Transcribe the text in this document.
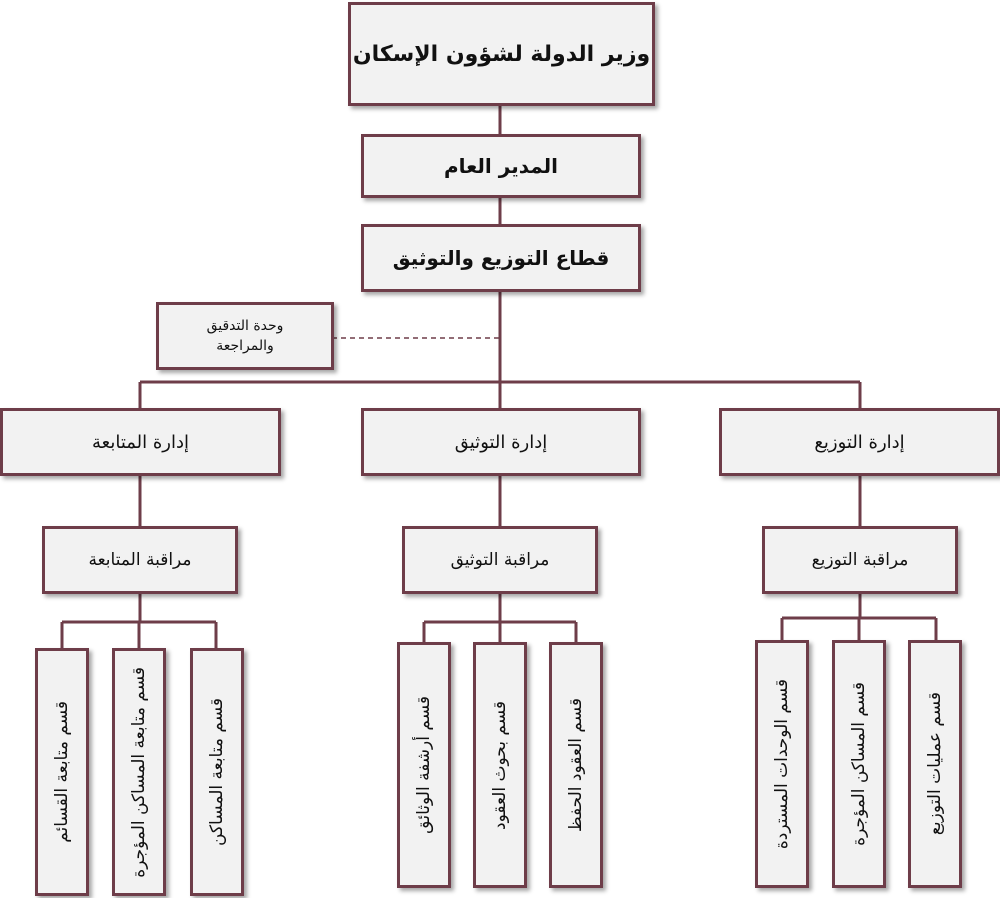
وزير الدولة لشؤون الإسكان
المدير العام
قطاع التوزيع والتوثيق
وحدة التدقيق
والمراجعة
إدارة المتابعة	إدارة التوثيق	إدارة التوزيع
مراقبة المتابعة	مراقبة التوثيق	مراقبة التوزيع
قسم متابعة المساكن
قسم متابعة المساكن المؤجرة
قسم متابعة القسائم	قسم العقود الحفظ
قسم بحوث العقود
قسم أرشفة الوثائق	قسم عمليات التوزيع
قسم المساكن المؤجرة
قسم الوحدات المستردة
